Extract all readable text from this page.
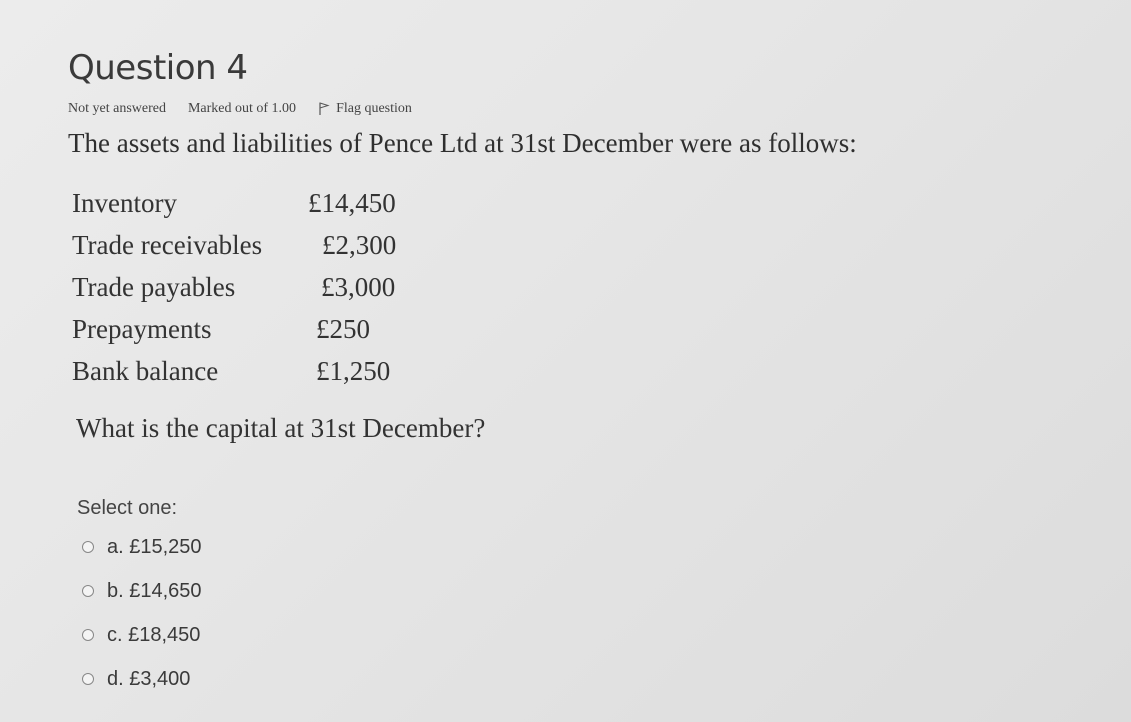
Question 4
Not yet answered Marked out of 1.00	Flag question
The assets and liabilities of Pence Ltd at 31st December were as follows:
Inventory	£14,450
Trade receivables £2,300
Trade payables	£3,000
Prepayments	£250
Bank balance	£1,250
What is the capital at 31st December?
Select one:
a. £15,250
b. £14,650
c. £18,450
d. £3,400
